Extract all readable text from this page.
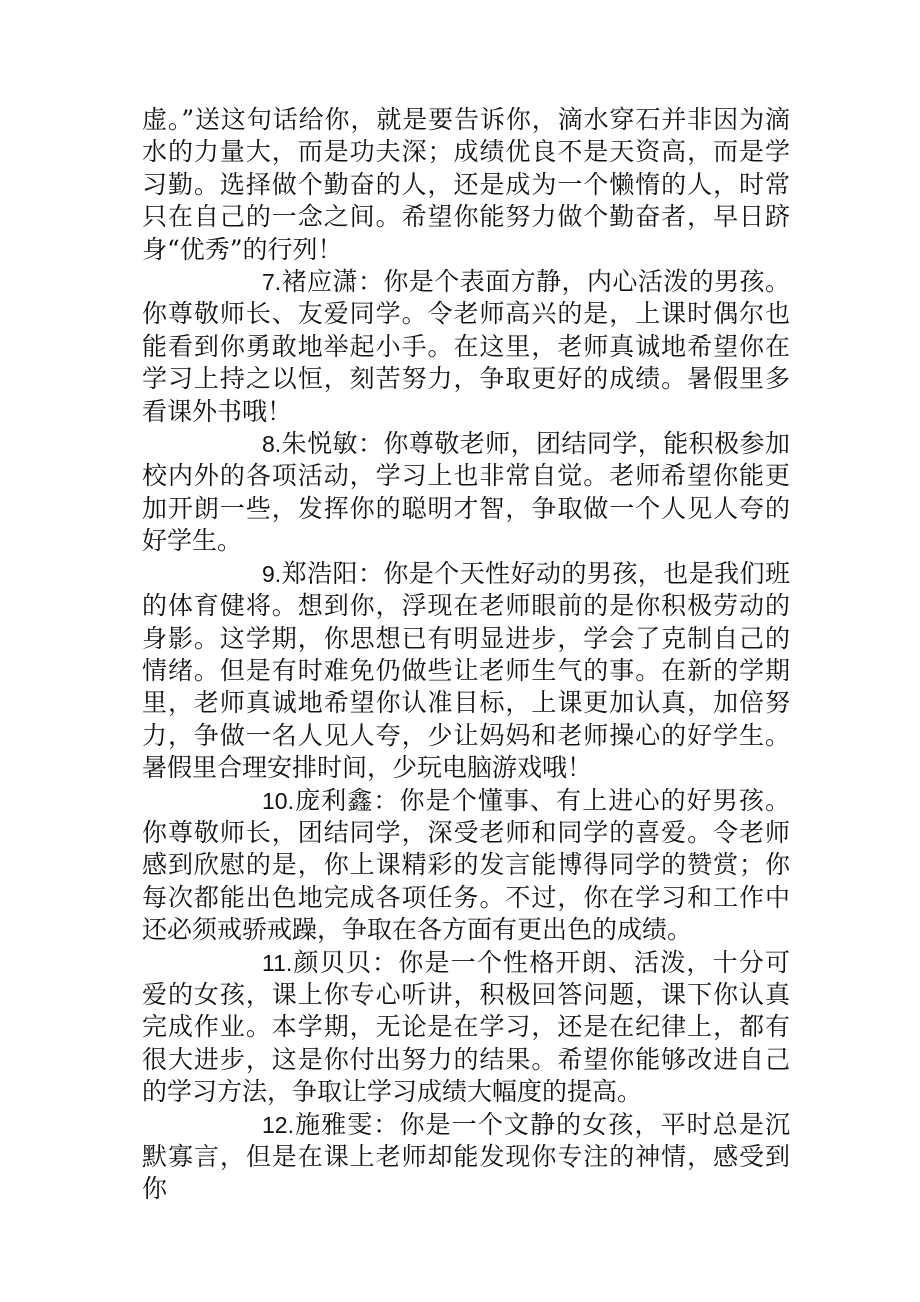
虚。”送这句话给你，就是要告诉你，滴水穿石并非因为滴水的力量大，而是功夫深；成绩优良不是天资高，而是学习勤。选择做个勤奋的人，还是成为一个懒惰的人，时常只在自己的一念之间。希望你能努力做个勤奋者，早日跻身“优秀”的行列！

7.褚应潇：你是个表面方静，内心活泼的男孩。你尊敬师长、友爱同学。令老师高兴的是，上课时偶尔也能看到你勇敢地举起小手。在这里，老师真诚地希望你在学习上持之以恒，刻苦努力，争取更好的成绩。暑假里多看课外书哦！

8.朱悦敏：你尊敬老师，团结同学，能积极参加校内外的各项活动，学习上也非常自觉。老师希望你能更加开朗一些，发挥你的聪明才智，争取做一个人见人夸的好学生。

9.郑浩阳：你是个天性好动的男孩，也是我们班的体育健将。想到你，浮现在老师眼前的是你积极劳动的身影。这学期，你思想已有明显进步，学会了克制自己的情绪。但是有时难免仍做些让老师生气的事。在新的学期里，老师真诚地希望你认准目标，上课更加认真，加倍努力，争做一名人见人夸，少让妈妈和老师操心的好学生。暑假里合理安排时间，少玩电脑游戏哦！

10.庞利鑫：你是个懂事、有上进心的好男孩。你尊敬师长，团结同学，深受老师和同学的喜爱。令老师感到欣慰的是，你上课精彩的发言能博得同学的赞赏；你每次都能出色地完成各项任务。不过，你在学习和工作中还必须戒骄戒躁，争取在各方面有更出色的成绩。

11.颜贝贝：你是一个性格开朗、活泼，十分可爱的女孩，课上你专心听讲，积极回答问题，课下你认真完成作业。本学期，无论是在学习，还是在纪律上，都有很大进步，这是你付出努力的结果。希望你能够改进自己的学习方法，争取让学习成绩大幅度的提高。

12.施雅雯：你是一个文静的女孩，平时总是沉默寡言，但是在课上老师却能发现你专注的神情，感受到你
